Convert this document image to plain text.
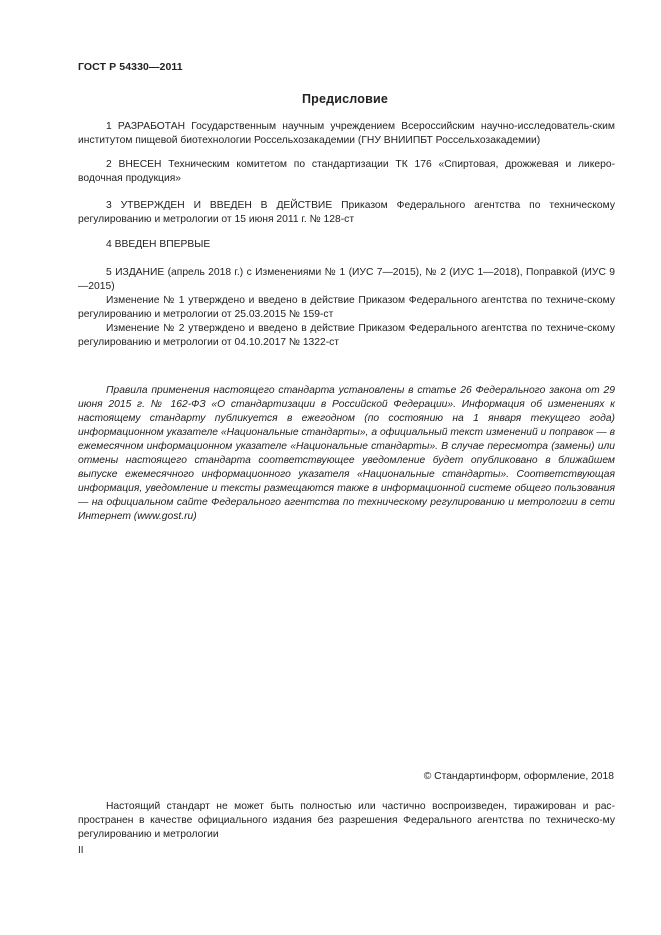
ГОСТ Р 54330—2011
Предисловие

1 РАЗРАБОТАН Государственным научным учреждением Всероссийским научно-исследователь-ским институтом пищевой биотехнологии Россельхозакадемии (ГНУ ВНИИПБТ Россельхозакадемии)

2 ВНЕСЕН Техническим комитетом по стандартизации ТК 176 «Спиртовая, дрожжевая и ликеро-водочная продукция»

3 УТВЕРЖДЕН И ВВЕДЕН В ДЕЙСТВИЕ Приказом Федерального агентства по техническому регулированию и метрологии от 15 июня 2011 г. № 128-ст

4 ВВЕДЕН ВПЕРВЫЕ

5 ИЗДАНИЕ (апрель 2018 г.) с Изменениями № 1 (ИУС 7—2015), № 2 (ИУС 1—2018), Поправкой (ИУС 9—2015)

Изменение № 1 утверждено и введено в действие Приказом Федерального агентства по техниче-скому регулированию и метрологии от 25.03.2015 № 159-ст

Изменение № 2 утверждено и введено в действие Приказом Федерального агентства по техниче-скому регулированию и метрологии от 04.10.2017 № 1322-ст

Правила применения настоящего стандарта установлены в статье 26 Федерального закона от 29 июня 2015 г. № 162-ФЗ «О стандартизации в Российской Федерации». Информация об изменениях к настоящему стандарту публикуется в ежегодном (по состоянию на 1 января текущего года) информационном указателе «Национальные стандарты», а официальный текст изменений и поправок — в ежемесячном информационном указателе «Национальные стандарты». В случае пересмотра (замены) или отмены настоящего стандарта соответствующее уведомление будет опубликовано в ближайшем выпуске ежемесячного информационного указателя «Национальные стандарты». Соответствующая информация, уведомление и тексты размещаются также в информационной системе общего пользования — на официальном сайте Федерального агентства по техническому регулированию и метрологии в сети Интернет (www.gost.ru)
© Стандартинформ, оформление, 2018
Настоящий стандарт не может быть полностью или частично воспроизведен, тиражирован и рас-пространен в качестве официального издания без разрешения Федерального агентства по техническо-му регулированию и метрологии
II
